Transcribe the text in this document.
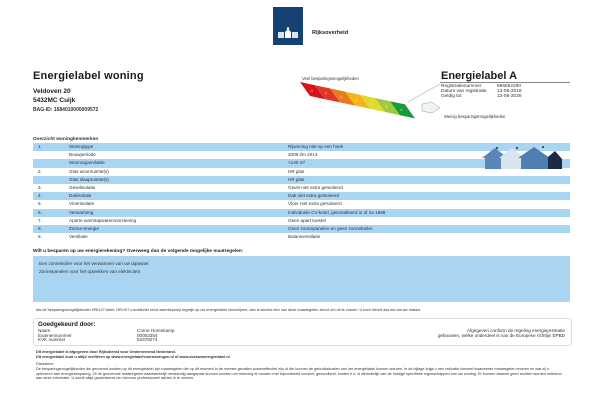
Rijksoverheid
Energielabel woning
Veldoven 20
5432MC Cuijk
BAG-ID: 1684010000009572
Veel besparingsmogelijkheden
G
F
E
D
C
B
A
Weinig besparingsmogelijkheden
Energielabel A
Registratienummer	666652290
Datum van registratie 13-06-2018
Geldig tot	13-06-2028
Overzicht woningkenmerken
1.	Woningtype	Rijwoning niet op een hoek
Bouwperiode	2006 t/m 2013
Woonoppervlakte	<140 m²
2.	Glas woonruimte(s)	HR glas
Glas slaapruimte(s)	HR glas
3.	Gevelisolatie	Gevel niet extra geïsoleerd
4.	Dakisolatie	Dak niet extra geïsoleerd
5.	Vloerisolatie	Vloer niet extra geïsoleerd
6.	Verwarming	Individuele CV-ketel, geïnstalleerd in of na 1998
7.	Aparte warmtapwatervoorziening	Geen apart toestel
8.	Zonne-energie	Geen zonnepanelen en geen zonneboiler
9.	Ventilatie	Balansventilatie
Wilt u besparen op uw energierekening? Overweeg dan de volgende mogelijke maatregelen:
Een zonneboiler voor het verwarmen van uw tapwater
Zonnepanelen voor het opwekken van elektriciteit
Als de besparingsmogelijkheden HRr107-ketel, HRr107-combiketel en/of warmtepomp tegelijk op uw energielabel verschijnen, dan is slechts één van deze maatregelen zinvol om uit te voeren. U kunt hieruit dus een keuze maken.
Goedgekeurd door:
Naam	Corne Hurenkamp
Examennummer	00003354
KVK nummer	63378274
Afgegeven conform de regeling energieprestatie
gebouwen, welke onderdeel is van de Europese richtlijn EPBD
Dit energielabel is afgegeven door Rijksdienst voor Ondernemend Nederland.
Dit energielabel kunt u altijd verifiëren op www.energielabelvoorwoningen.nl of www.zoekuwenergielabel.nl.
Disclaimer
De besparingsmogelijkheden die genoemd worden op dit energielabel zijn maatregelen die op dit moment in de meeste gevallen kosteneffectief zijn of die kunnen de gebruikskosten van het energielabel kunnen worden. In de bijlage krijgt u een indicatie hoeveel kwarteerde maatregelen leveren en wat zij u opleveren aan energiebesparing. Of de genoemde maatregelen daadwerkelijk verstandig aangepast kunnen worden om rekening te houden met bijvoorbeeld comfort, gezondheid, kosten e.d. is afhankelijk van de huidige specifieke eigenschappen van uw woning. Er kunnen daarom geen rechten worden ontleend aan deze informatie. U wordt altijd geadviseerd om hiervoor professioneel advies in te winnen.
